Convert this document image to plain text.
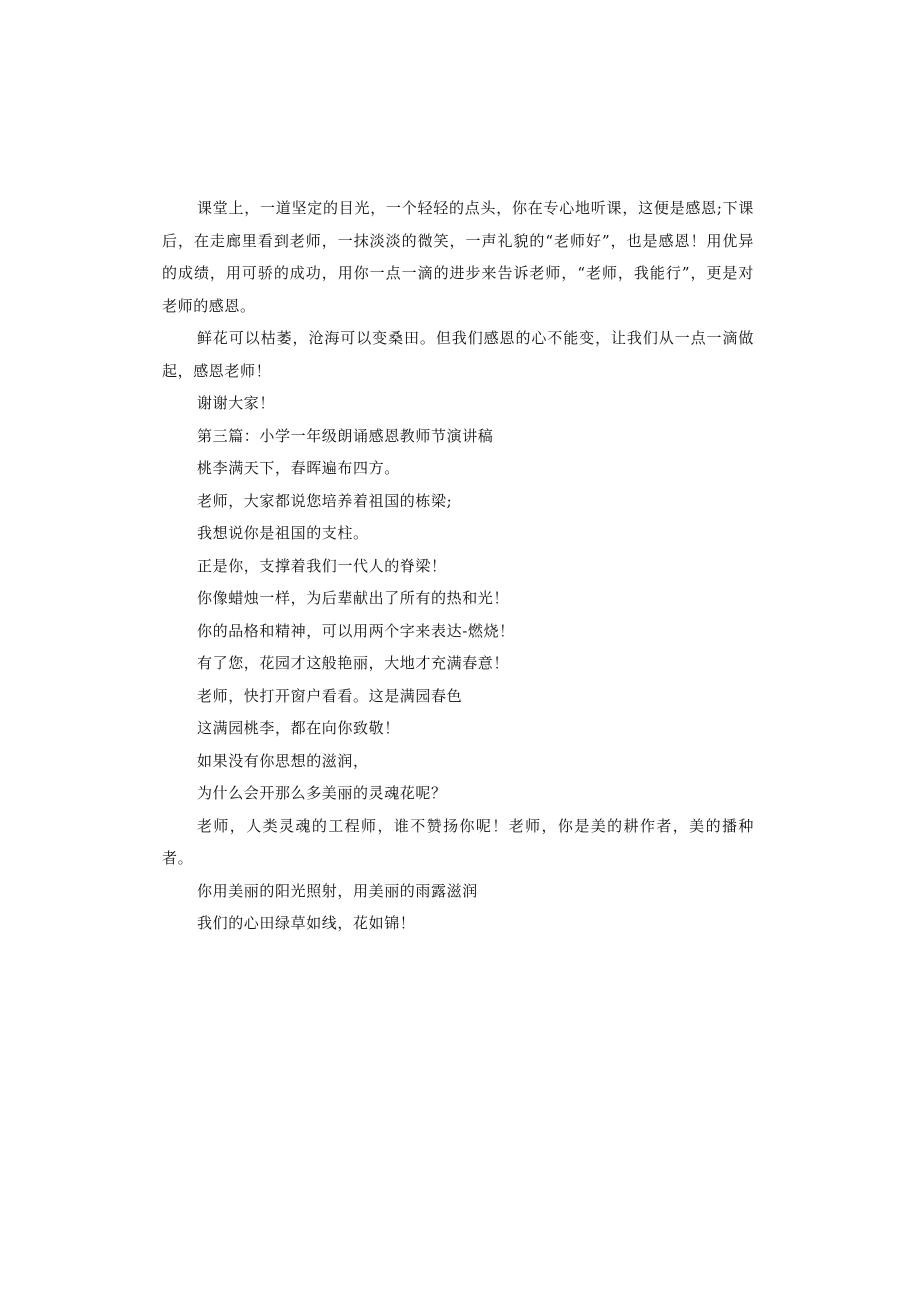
课堂上，一道坚定的目光，一个轻轻的点头，你在专心地听课，这便是感恩;下课后，在走廊里看到老师，一抹淡淡的微笑，一声礼貌的“老师好”，也是感恩！用优异的成绩，用可骄的成功，用你一点一滴的进步来告诉老师，“老师，我能行”，更是对老师的感恩。

鲜花可以枯萎，沧海可以变桑田。但我们感恩的心不能变，让我们从一点一滴做起，感恩老师！

谢谢大家！

第三篇：小学一年级朗诵感恩教师节演讲稿

桃李满天下，春晖遍布四方。

老师，大家都说您培养着祖国的栋梁;

我想说你是祖国的支柱。

正是你，支撑着我们一代人的脊梁！

你像蜡烛一样，为后辈献出了所有的热和光！

你的品格和精神，可以用两个字来表达-燃烧！

有了您，花园才这般艳丽，大地才充满春意！

老师，快打开窗户看看。这是满园春色

这满园桃李，都在向你致敬！

如果没有你思想的滋润，

为什么会开那么多美丽的灵魂花呢？

老师，人类灵魂的工程师，谁不赞扬你呢！老师，你是美的耕作者，美的播种者。

你用美丽的阳光照射，用美丽的雨露滋润

我们的心田绿草如线，花如锦！
